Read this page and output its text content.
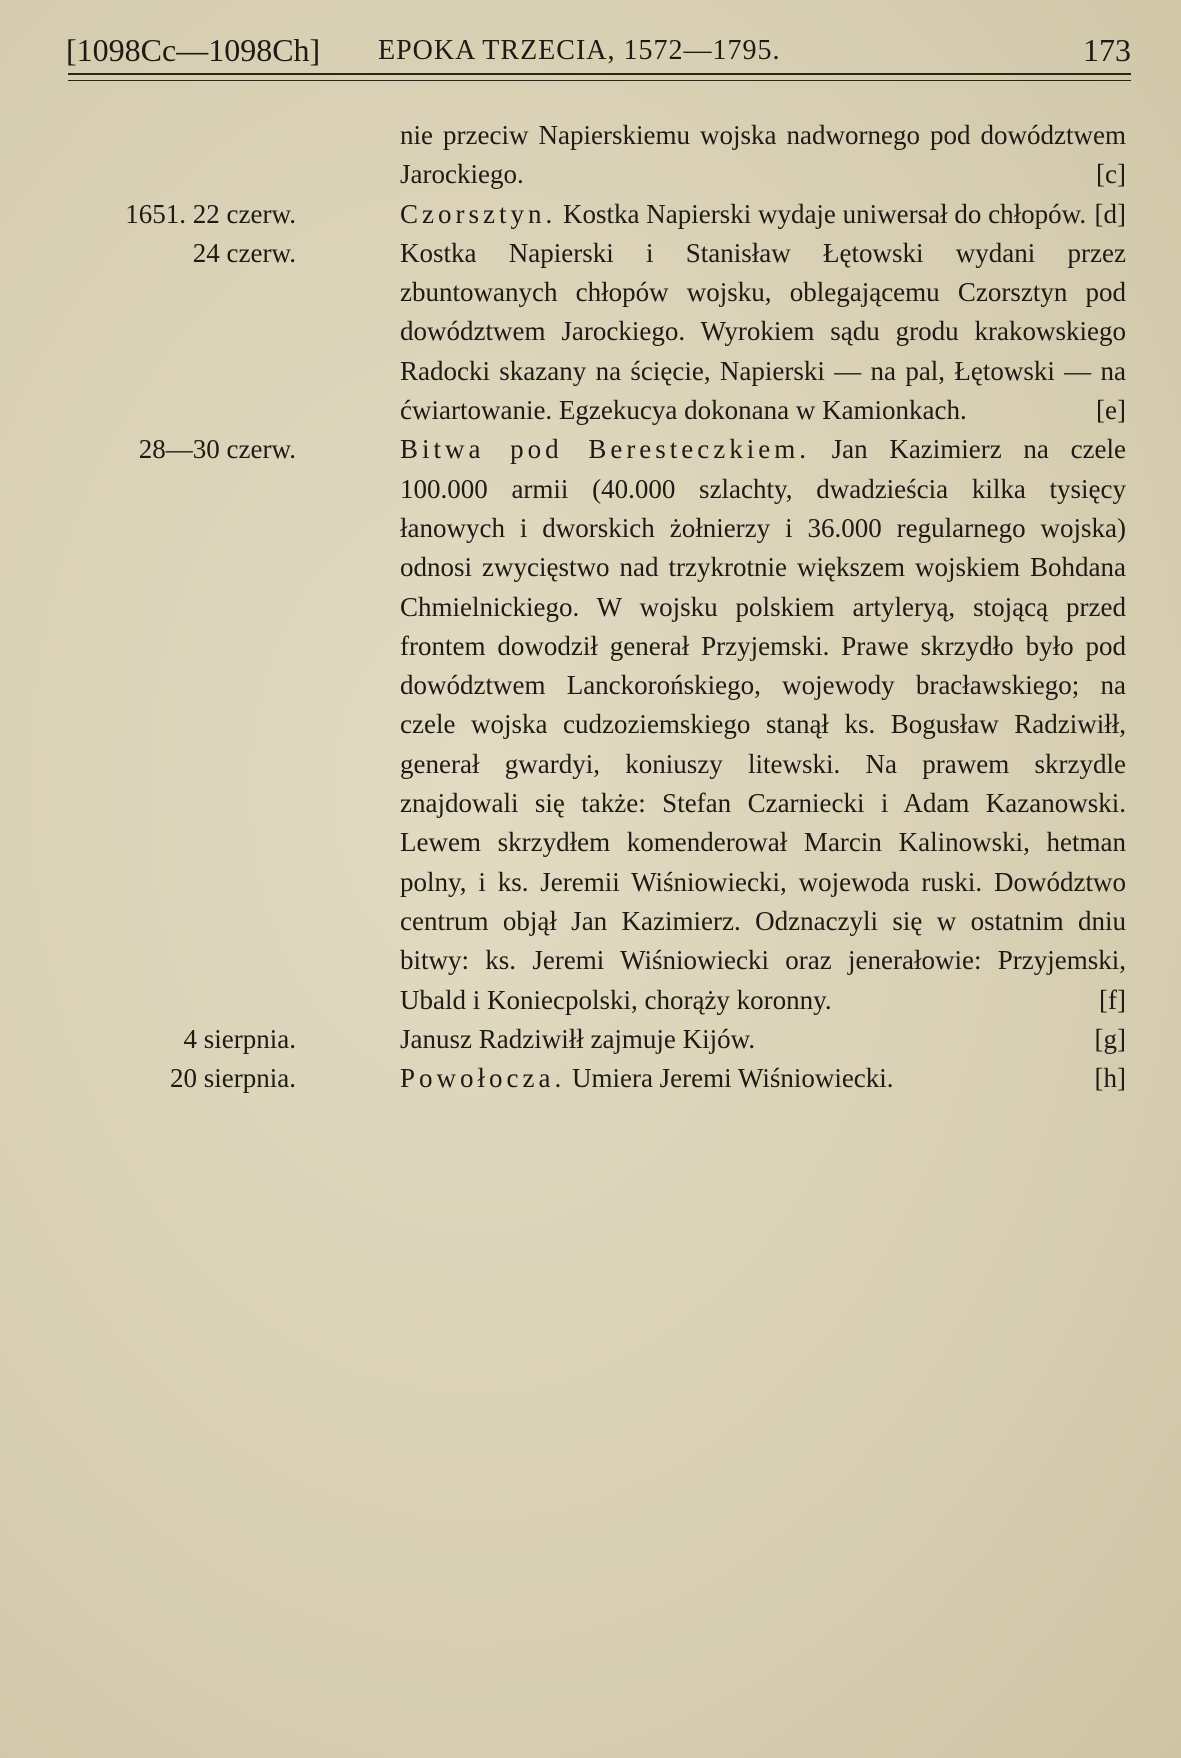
[1098Cc—1098Ch] EPOKA TRZECIA, 1572—1795.	173
nie przeciw Napierskiemu wojska nadwornego pod dowództwem Jarockiego.	[c]
1651. 22 czerw.	Czorsztyn. Kostka Napierski wydaje uniwersał do chłopów. [d]
24 czerw.	Kostka Napierski i Stanisław Łętowski wydani przez zbuntowanych chłopów wojsku, oblegającemu Czorsztyn pod dowództwem Jarockiego. Wyrokiem sądu grodu krakowskiego Radocki skazany na ścięcie, Napierski — na pal, Łętowski — na ćwiartowanie. Egzekucya dokonana w Kamionkach.	[e]
28—30 czerw.	Bitwa pod Beresteczkiem. Jan Kazimierz na czele 100.000 armii (40.000 szlachty, dwadzieścia kilka tysięcy łanowych i dworskich żołnierzy i 36.000 regularnego wojska) odnosi zwycięstwo nad trzykrotnie większem wojskiem Bohdana Chmielnickiego. W wojsku polskiem artyleryą, stojącą przed frontem dowodził generał Przyjemski. Prawe skrzydło było pod dowództwem Lanckorońskiego, wojewody bracławskiego; na czele wojska cudzoziemskiego stanął ks. Bogusław Radziwiłł, generał gwardyi, koniuszy litewski. Na prawem skrzydle znajdowali się także: Stefan Czarniecki i Adam Kazanowski. Lewem skrzydłem komenderował Marcin Kalinowski, hetman polny, i ks. Jeremii Wiśniowiecki, wojewoda ruski. Dowództwo centrum objął Jan Kazimierz. Odznaczyli się w ostatnim dniu bitwy: ks. Jeremi Wiśniowiecki oraz jenerałowie: Przyjemski, Ubald i Koniecpolski, chorąży koronny.	[f]
4 sierpnia.	Janusz Radziwiłł zajmuje Kijów.	[g]
20 sierpnia.	Powołocza. Umiera Jeremi Wiśniowiecki.	[h]
